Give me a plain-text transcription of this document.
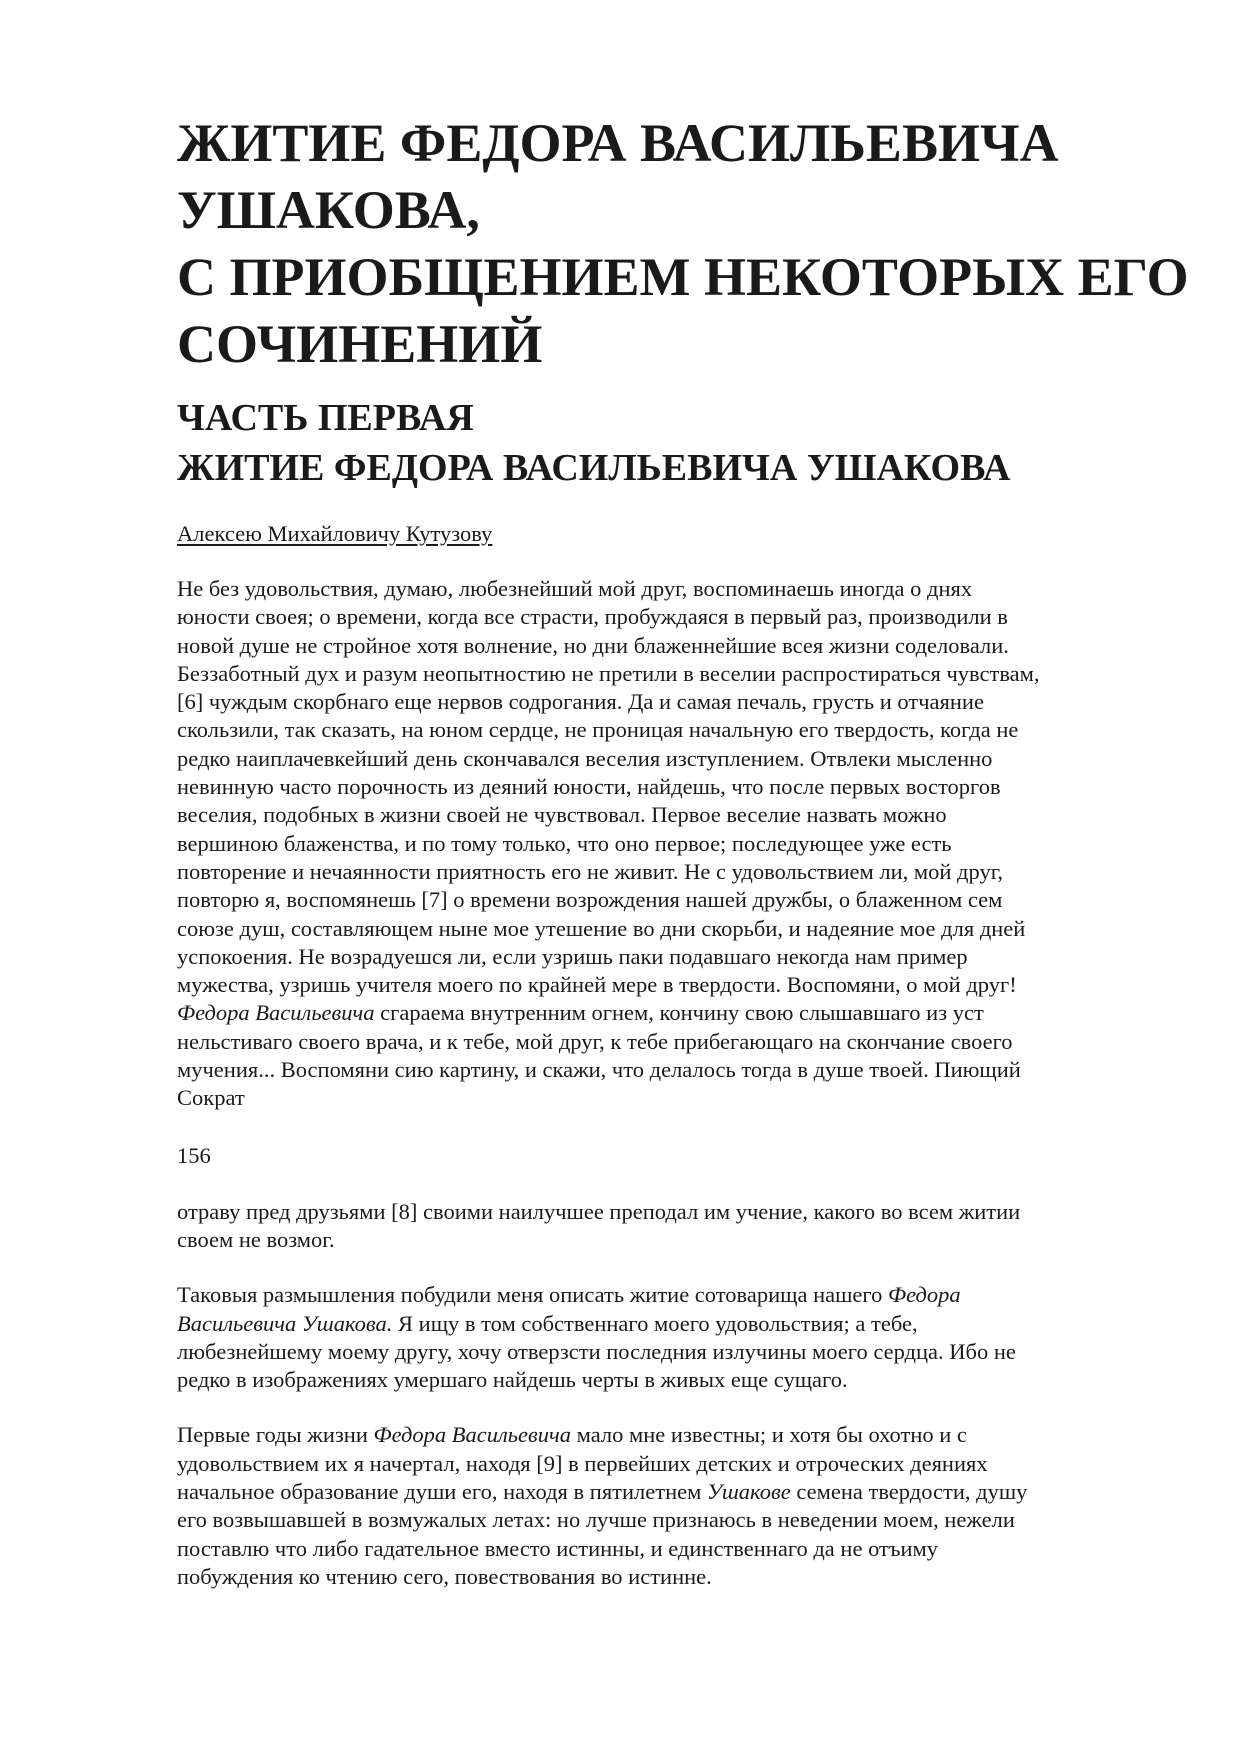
ЖИТИЕ ФЕДОРА ВАСИЛЬЕВИЧА
УШАКОВА,
С ПРИОБЩЕНИЕМ НЕКОТОРЫХ ЕГО
СОЧИНЕНИЙ
ЧАСТЬ ПЕРВАЯ
ЖИТИЕ ФЕДОРА ВАСИЛЬЕВИЧА УШАКОВА
Алексею Михайловичу Кутузову

Не без удовольствия, думаю, любезнейший мой друг, воспоминаешь иногда о днях
юности своея; о времени, когда все страсти, пробуждаяся в первый раз, производили в
новой душе не стройное хотя волнение, но дни блаженнейшие всея жизни соделовали.
Беззаботный дух и разум неопытностию не претили в веселии распростираться чувствам,
[6] чуждым скорбнаго еще нервов содрогания. Да и самая печаль, грусть и отчаяние
скользили, так сказать, на юном сердце, не проницая начальную его твердость, когда не
редко наиплачевкейший день скончавался веселия изступлением. Отвлеки мысленно
невинную часто порочность из деяний юности, найдешь, что после первых восторгов
веселия, подобных в жизни своей не чувствовал. Первое веселие назвать можно
вершиною блаженства, и по тому только, что оно первое; последующее уже есть
повторение и нечаянности приятность его не живит. Не с удовольствием ли, мой друг,
повторю я, воспомянешь [7] о времени возрождения нашей дружбы, о блаженном сем
союзе душ, составляющем ныне мое утешение во дни скорьби, и надеяние мое для дней
успокоения. Не возрадуешся ли, если узришь паки подавшаго некогда нам пример
мужества, узришь учителя моего по крайней мере в твердости. Воспомяни, о мой друг!
Федора Васильевича сгараема внутренним огнем, кончину свою слышавшаго из уст
нельстиваго своего врача, и к тебе, мой друг, к тебе прибегающаго на скончание своего
мучения... Воспомяни сию картину, и скажи, что делалось тогда в душе твоей. Пиющий
Сократ

156

отраву пред друзьями [8] своими наилучшее преподал им учение, какого во всем житии
своем не возмог.

Таковыя размышления побудили меня описать житие сотоварища нашего Федора
Васильевича Ушакова. Я ищу в том собственнаго моего удовольствия; а тебе,
любезнейшему моему другу, хочу отверзсти последния излучины моего сердца. Ибо не
редко в изображениях умершаго найдешь черты в живых еще сущаго.

Первые годы жизни Федора Васильевича мало мне известны; и хотя бы охотно и с
удовольствием их я начертал, находя [9] в первейших детских и отроческих деяниях
начальное образование души его, находя в пятилетнем Ушакове семена твердости, душу
его возвышавшей в возмужалых летах: но лучше признаюсь в неведении моем, нежели
поставлю что либо гадательное вместо истинны, и единственнаго да не отъиму
побуждения ко чтению сего, повествования во истинне.
